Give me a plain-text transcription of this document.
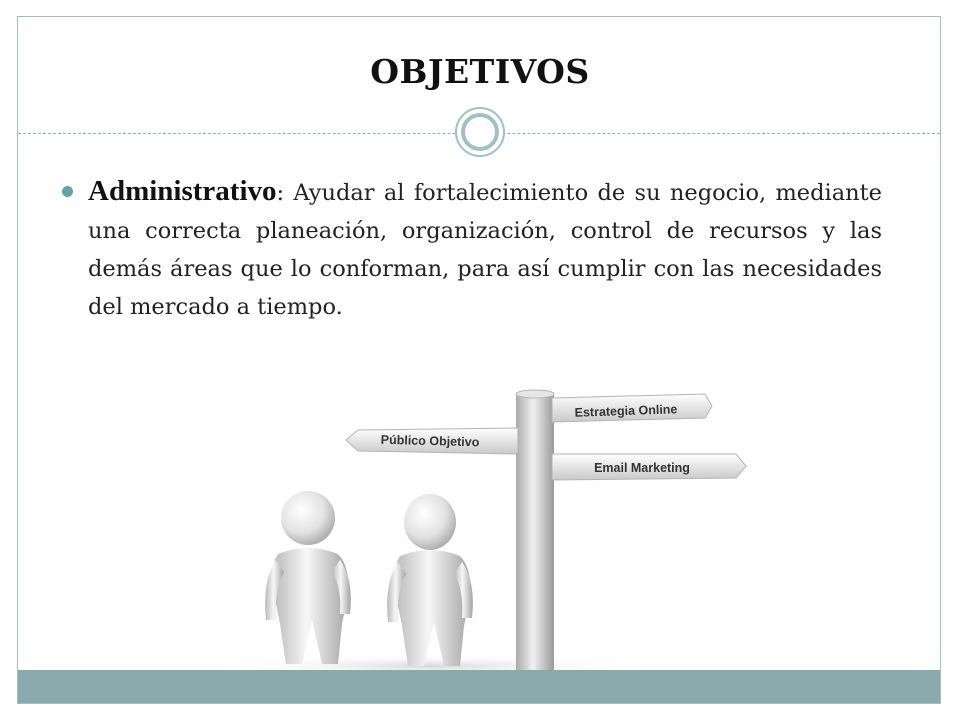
OBJETIVOS

Administrativo: Ayudar al fortalecimiento de su negocio, mediante una correcta planeación, organización, control de recursos y las demás áreas que lo conforman, para así cumplir con las necesidades del mercado a tiempo.

Estrategia Online
Público Objetivo
Email Marketing
